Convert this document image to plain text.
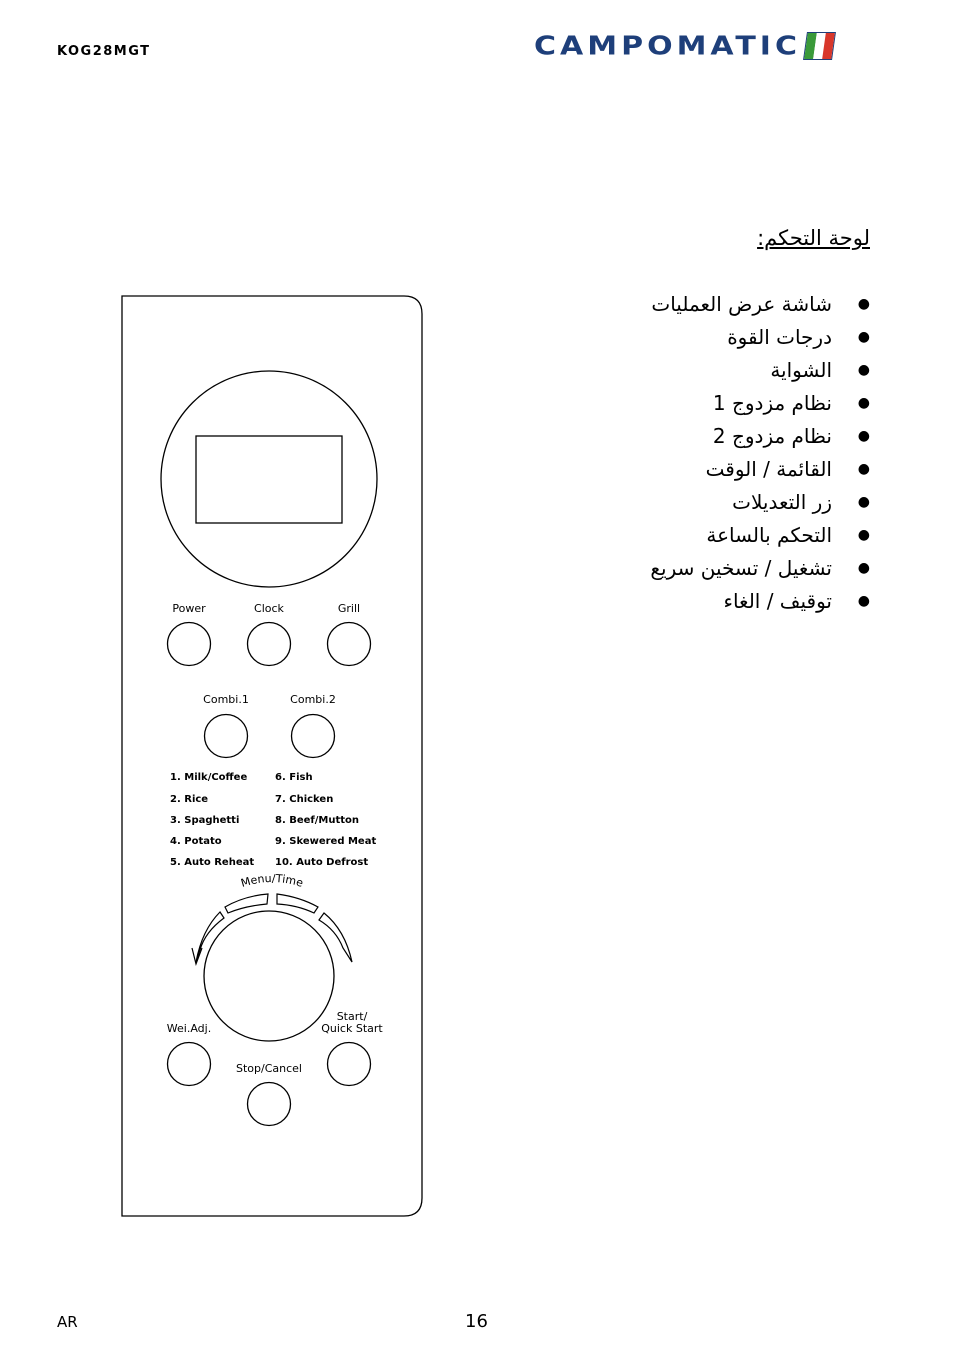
KOG28MGT	CAMPOMATIC
لوحة التحكم:
●
شاشة عرض العمليات
●
درجات القوة
●
الشواية
●
نظام مزدوج 1
●
نظام مزدوج 2
●
القائمة / الوقت
●
زر التعديلات
●
التحكم بالساعة
●
تشغيل / تسخين سريع
●
توقيف / الغاء
Power	Clock	Grill
Combi.1	Combi.2
1. Milk/Coffee
2. Rice
3. Spaghetti
4. Potato
5. Auto Reheat
6. Fish
7. Chicken
8. Beef/Mutton
9. Skewered Meat
10. Auto Defrost
Menu/Time
Wei.Adj.
Start/
Quick Start
Stop/Cancel
AR	16
